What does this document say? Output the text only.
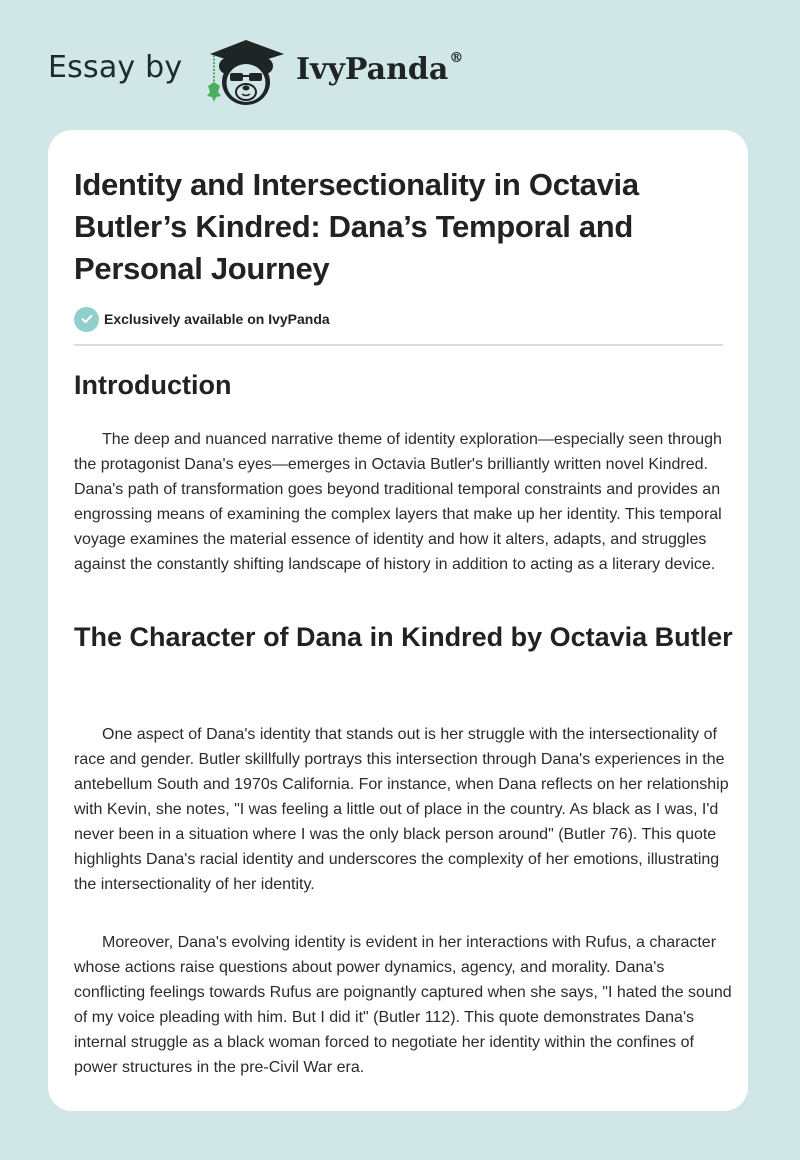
Essay by	IvyPanda®
Identity and Intersectionality in Octavia Butler’s Kindred: Dana’s Temporal and Personal Journey
Exclusively available on IvyPanda
Introduction

The deep and nuanced narrative theme of identity exploration—especially seen through the protagonist Dana's eyes—emerges in Octavia Butler's brilliantly written novel Kindred. Dana's path of transformation goes beyond traditional temporal constraints and provides an engrossing means of examining the complex layers that make up her identity. This temporal voyage examines the material essence of identity and how it alters, adapts, and struggles against the constantly shifting landscape of history in addition to acting as a literary device.

The Character of Dana in Kindred by Octavia Butler

One aspect of Dana's identity that stands out is her struggle with the intersectionality of race and gender. Butler skillfully portrays this intersection through Dana's experiences in the antebellum South and 1970s California. For instance, when Dana reflects on her relationship with Kevin, she notes, "I was feeling a little out of place in the country. As black as I was, I'd never been in a situation where I was the only black person around" (Butler 76). This quote highlights Dana's racial identity and underscores the complexity of her emotions, illustrating the intersectionality of her identity.

Moreover, Dana's evolving identity is evident in her interactions with Rufus, a character whose actions raise questions about power dynamics, agency, and morality. Dana's conflicting feelings towards Rufus are poignantly captured when she says, "I hated the sound of my voice pleading with him. But I did it" (Butler 112). This quote demonstrates Dana's internal struggle as a black woman forced to negotiate her identity within the confines of power structures in the pre-Civil War era.
